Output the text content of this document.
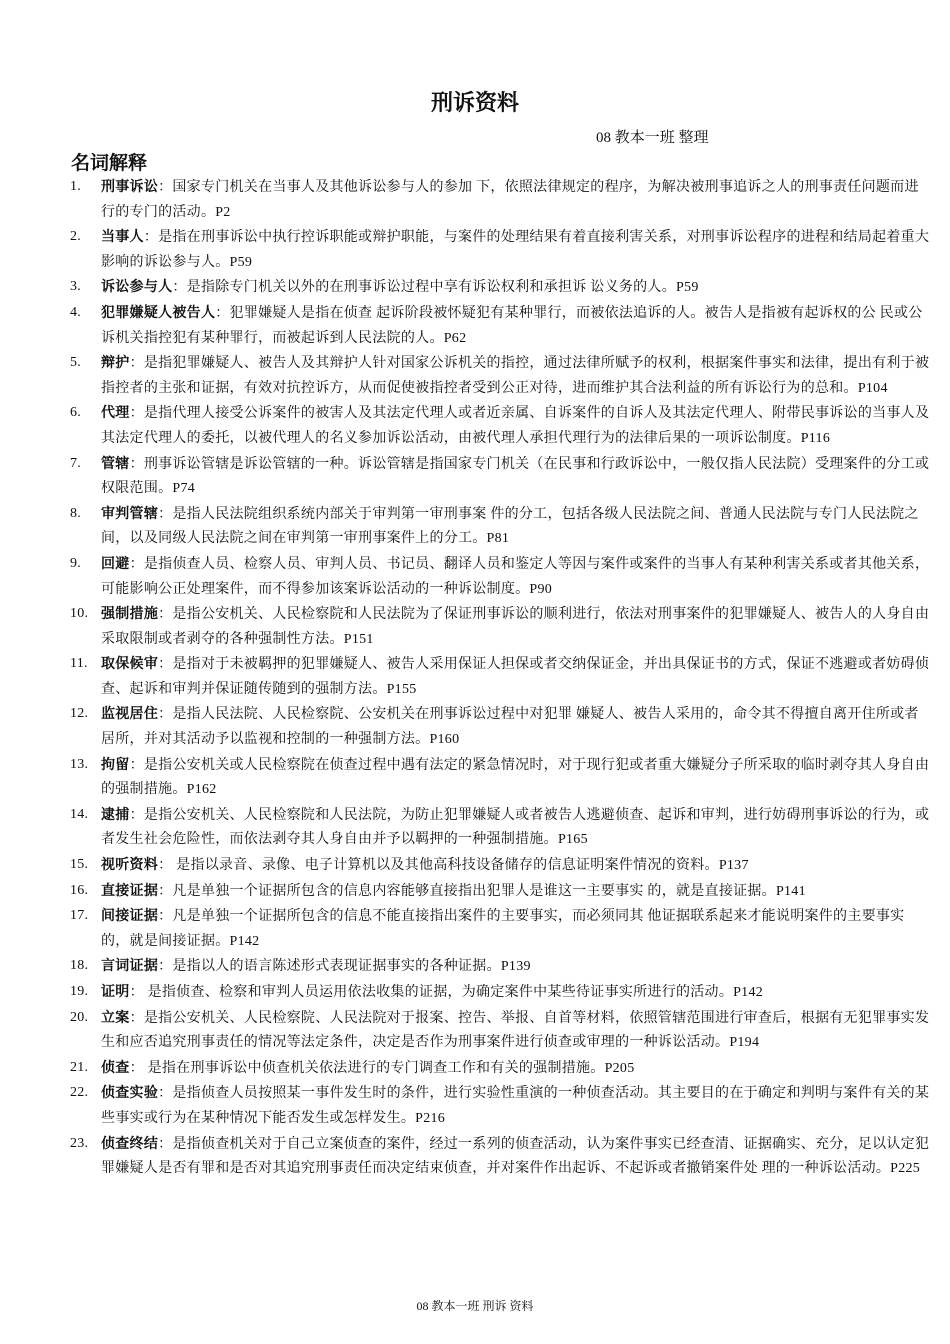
刑诉资料
08 教本一班 整理
名词解释
1. 刑事诉讼：国家专门机关在当事人及其他诉讼参与人的参加 下，依照法律规定的程序，为解决被刑事追诉之人的刑事责任问题而进行的专门的活动。P2
2. 当事人：是指在刑事诉讼中执行控诉职能或辩护职能，与案件的处理结果有着直接利害关系，对刑事诉讼程序的进程和结局起着重大影响的诉讼参与人。P59
3. 诉讼参与人：是指除专门机关以外的在刑事诉讼过程中享有诉讼权利和承担诉 讼义务的人。P59
4. 犯罪嫌疑人被告人：犯罪嫌疑人是指在侦查 起诉阶段被怀疑犯有某种罪行，而被依法追诉的人。被告人是指被有起诉权的公 民或公诉机关指控犯有某种罪行，而被起诉到人民法院的人。P62
5. 辩护：是指犯罪嫌疑人、被告人及其辩护人针对国家公诉机关的指控，通过法律所赋予的权利，根据案件事实和法律，提出有利于被指控者的主张和证据，有效对抗控诉方，从而促使被指控者受到公正对待，进而维护其合法利益的所有诉讼行为的总和。P104
6. 代理：是指代理人接受公诉案件的被害人及其法定代理人或者近亲属、自诉案件的自诉人及其法定代理人、附带民事诉讼的当事人及其法定代理人的委托，以被代理人的名义参加诉讼活动，由被代理人承担代理行为的法律后果的一项诉讼制度。P116
7. 管辖：刑事诉讼管辖是诉讼管辖的一种。诉讼管辖是指国家专门机关（在民事和行政诉讼中，一般仅指人民法院）受理案件的分工或权限范围。P74
8. 审判管辖：是指人民法院组织系统内部关于审判第一审刑事案 件的分工，包括各级人民法院之间、普通人民法院与专门人民法院之间，以及同级人民法院之间在审判第一审刑事案件上的分工。P81
9. 回避：是指侦查人员、检察人员、审判人员、书记员、翻译人员和鉴定人等因与案件或案件的当事人有某种利害关系或者其他关系，可能影响公正处理案件，而不得参加该案诉讼活动的一种诉讼制度。P90
10. 强制措施：是指公安机关、人民检察院和人民法院为了保证刑事诉讼的顺利进行，依法对刑事案件的犯罪嫌疑人、被告人的人身自由采取限制或者剥夺的各种强制性方法。P151
11. 取保候审：是指对于未被羁押的犯罪嫌疑人、被告人采用保证人担保或者交纳保证金，并出具保证书的方式，保证不逃避或者妨碍侦查、起诉和审判并保证随传随到的强制方法。P155
12. 监视居住：是指人民法院、人民检察院、公安机关在刑事诉讼过程中对犯罪 嫌疑人、被告人采用的，命令其不得擅自离开住所或者居所，并对其活动予以监视和控制的一种强制方法。P160
13. 拘留：是指公安机关或人民检察院在侦查过程中遇有法定的紧急情况时，对于现行犯或者重大嫌疑分子所采取的临时剥夺其人身自由的强制措施。P162
14. 逮捕：是指公安机关、人民检察院和人民法院，为防止犯罪嫌疑人或者被告人逃避侦查、起诉和审判，进行妨碍刑事诉讼的行为，或者发生社会危险性，而依法剥夺其人身自由并予以羁押的一种强制措施。P165
15. 视听资料： 是指以录音、录像、电子计算机以及其他高科技设备储存的信息证明案件情况的资料。P137
16. 直接证据：凡是单独一个证据所包含的信息内容能够直接指出犯罪人是谁这一主要事实 的，就是直接证据。P141
17. 间接证据：凡是单独一个证据所包含的信息不能直接指出案件的主要事实，而必须同其 他证据联系起来才能说明案件的主要事实的，就是间接证据。P142
18. 言词证据：是指以人的语言陈述形式表现证据事实的各种证据。P139
19. 证明： 是指侦查、检察和审判人员运用依法收集的证据，为确定案件中某些待证事实所进行的活动。P142
20. 立案：是指公安机关、人民检察院、人民法院对于报案、控告、举报、自首等材料，依照管辖范围进行审查后，根据有无犯罪事实发生和应否追究刑事责任的情况等法定条件，决定是否作为刑事案件进行侦查或审理的一种诉讼活动。P194
21. 侦查： 是指在刑事诉讼中侦查机关依法进行的专门调查工作和有关的强制措施。P205
22. 侦查实验：是指侦查人员按照某一事件发生时的条件，进行实验性重演的一种侦查活动。其主要目的在于确定和判明与案件有关的某些事实或行为在某种情况下能否发生或怎样发生。P216
23. 侦查终结：是指侦查机关对于自己立案侦查的案件，经过一系列的侦查活动，认为案件事实已经查清、证据确实、充分，足以认定犯罪嫌疑人是否有罪和是否对其追究刑事责任而决定结束侦查，并对案件作出起诉、不起诉或者撤销案件处 理的一种诉讼活动。P225
08 教本一班 刑诉 资料
